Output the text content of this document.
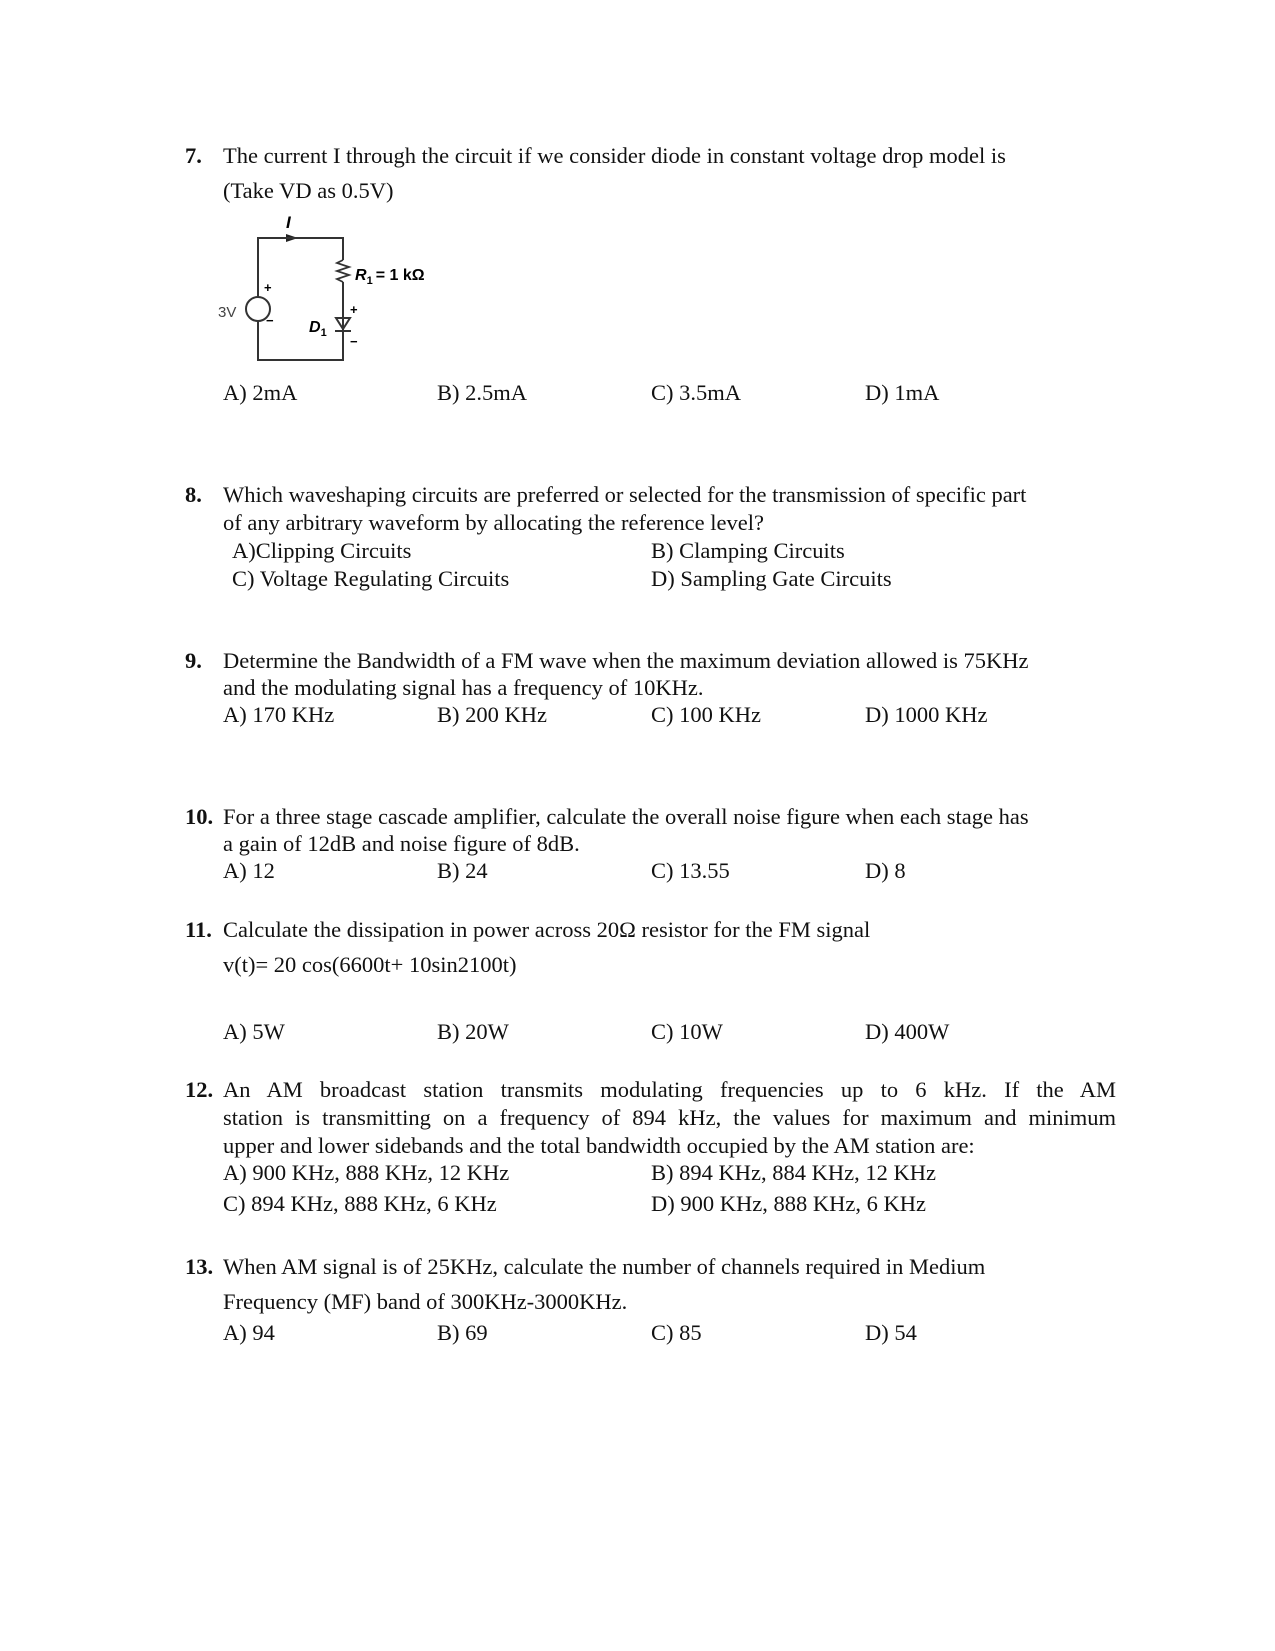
7. The current I through the circuit if we consider diode in constant voltage drop model is
(Take VD as 0.5V)
I
3V
+
−
$R_1 = 1$ kΩ
$D_1$
+
−
A) 2mA	B) 2.5mA	C) 3.5mA	D) 1mA
8. Which waveshaping circuits are preferred or selected for the transmission of specific part
of any arbitrary waveform by allocating the reference level?
A)Clipping Circuits	B) Clamping Circuits
C) Voltage Regulating Circuits	D) Sampling Gate Circuits
9. Determine the Bandwidth of a FM wave when the maximum deviation allowed is 75KHz
and the modulating signal has a frequency of 10KHz.
A) 170 KHz	B) 200 KHz	C) 100 KHz	D) 1000 KHz
10. For a three stage cascade amplifier, calculate the overall noise figure when each stage has
a gain of 12dB and noise figure of 8dB.
A) 12	B) 24	C) 13.55	D) 8
11. Calculate the dissipation in power across 20Ω resistor for the FM signal
v(t)= 20 cos(6600t+ 10sin2100t)
A) 5W	B) 20W	C) 10W	D) 400W
12. An AM broadcast station transmits modulating frequencies up to 6 kHz. If the AM
station is transmitting on a frequency of 894 kHz, the values for maximum and minimum
upper and lower sidebands and the total bandwidth occupied by the AM station are:
A) 900 KHz, 888 KHz, 12 KHz	B) 894 KHz, 884 KHz, 12 KHz
C) 894 KHz, 888 KHz, 6 KHz	D) 900 KHz, 888 KHz, 6 KHz
13. When AM signal is of 25KHz, calculate the number of channels required in Medium
Frequency (MF) band of 300KHz-3000KHz.
A) 94	B) 69	C) 85	D) 54
